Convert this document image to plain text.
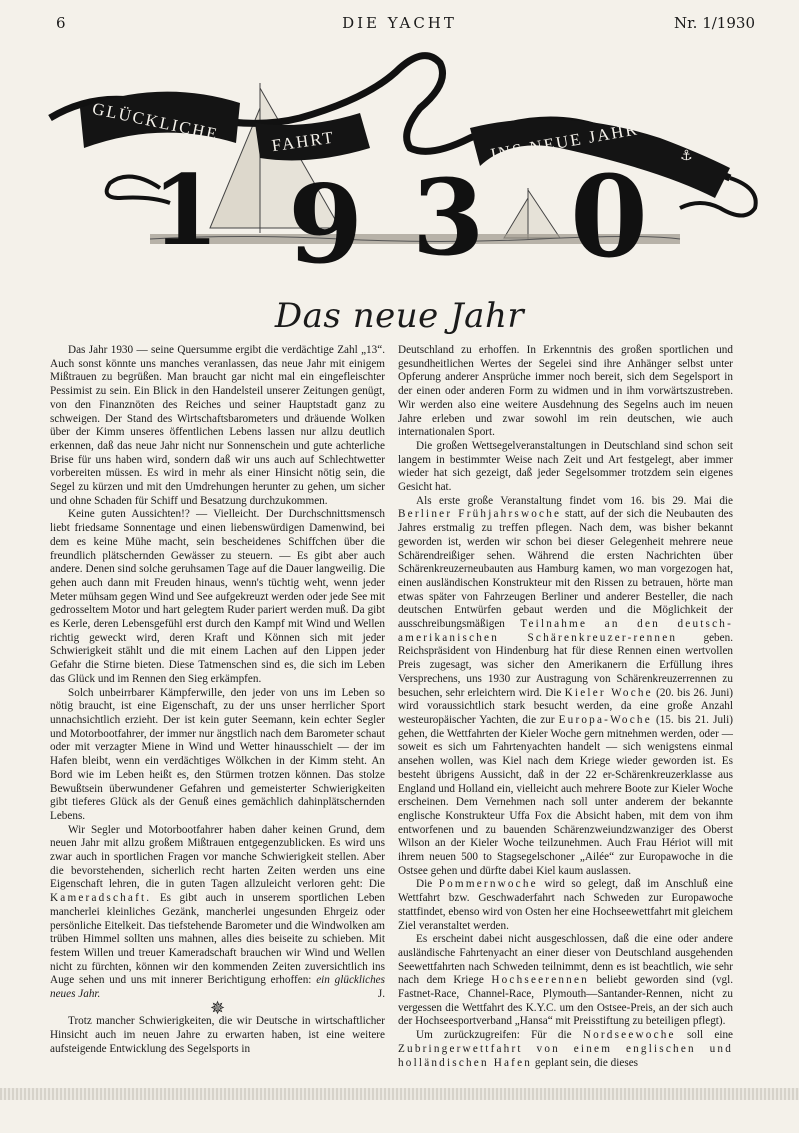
6	DIE YACHT	Nr. 1/1930
⚓
GLÜCKLICHE	FAHRT	INS NEUE JAHR
1 9 3 0
Das neue Jahr

Das Jahr 1930 — seine Quersumme ergibt die verdächtige Zahl „13“. Auch sonst könnte uns manches veranlassen, das neue Jahr mit einigem Mißtrauen zu begrüßen. Man braucht gar nicht mal ein eingefleischter Pessimist zu sein. Ein Blick in den Handelsteil unserer Zeitungen genügt, von den Finanznöten des Reiches und seiner Hauptstadt ganz zu schweigen. Der Stand des Wirtschaftsbarometers und dräuende Wolken über der Kimm unseres öffentlichen Lebens lassen nur allzu deutlich erkennen, daß das neue Jahr nicht nur Sonnenschein und gute achterliche Brise für uns haben wird, sondern daß wir uns auch auf Schlechtwetter vorbereiten müssen. Es wird in mehr als einer Hinsicht nötig sein, die Segel zu kürzen und mit den Umdrehungen herunter zu gehen, um sicher und ohne Schaden für Schiff und Besatzung durchzukommen.

Keine guten Aussichten!? — Vielleicht. Der Durchschnittsmensch liebt friedsame Sonnentage und einen liebenswürdigen Damenwind, bei dem es keine Mühe macht, sein bescheidenes Schiffchen über die freundlich plätschernden Gewässer zu steuern. — Es gibt aber auch andere. Denen sind solche geruhsamen Tage auf die Dauer langweilig. Die gehen auch dann mit Freuden hinaus, wenn's tüchtig weht, wenn jeder Meter mühsam gegen Wind und See aufgekreuzt werden oder jede See mit gedrosseltem Motor und hart gelegtem Ruder pariert werden muß. Da gibt es Kerle, deren Lebensgefühl erst durch den Kampf mit Wind und Wellen richtig geweckt wird, deren Kraft und Können sich mit jeder Schwierigkeit stählt und die mit einem Lachen auf den Lippen jeder Gefahr die Stirne bieten. Diese Tatmenschen sind es, die sich im Leben das Glück und im Rennen den Sieg erkämpfen.

Solch unbeirrbarer Kämpferwille, den jeder von uns im Leben so nötig braucht, ist eine Eigenschaft, zu der uns unser herrlicher Sport unnachsichtlich erzieht. Der ist kein guter Seemann, kein echter Segler und Motorbootfahrer, der immer nur ängstlich nach dem Barometer schaut oder mit verzagter Miene in Wind und Wetter hinausschielt — der im Hafen bleibt, wenn ein verdächtiges Wölkchen in der Kimm steht. An Bord wie im Leben heißt es, den Stürmen trotzen können. Das stolze Bewußtsein überwundener Gefahren und gemeisterter Schwierigkeiten gibt tieferes Glück als der Genuß eines gemächlich dahinplätschernden Lebens.

Wir Segler und Motorbootfahrer haben daher keinen Grund, dem neuen Jahr mit allzu großem Mißtrauen entgegenzublicken. Es wird uns zwar auch in sportlichen Fragen vor manche Schwierigkeit stellen. Aber die bevorstehenden, sicherlich recht harten Zeiten werden uns eine Eigenschaft lehren, die in guten Tagen allzuleicht verloren geht: Die Kameradschaft. Es gibt auch in unserem sportlichen Leben mancherlei kleinliches Gezänk, mancherlei ungesunden Ehrgeiz oder persönliche Eitelkeit. Das tiefstehende Barometer und die Windwolken am trüben Himmel sollten uns mahnen, alles dies beiseite zu schieben. Mit festem Willen und treuer Kameradschaft brauchen wir Wind und Wellen nicht zu fürchten, können wir den kommenden Zeiten zuversichtlich ins Auge sehen und uns mit innerer Berichtigung erhoffen: ein glückliches neues Jahr.	J.

✵

Trotz mancher Schwierigkeiten, die wir Deutsche in wirtschaftlicher Hinsicht auch im neuen Jahre zu erwarten haben, ist eine weitere aufsteigende Entwicklung des Segelsports in

Deutschland zu erhoffen. In Erkenntnis des großen sportlichen und gesundheitlichen Wertes der Segelei sind ihre Anhänger selbst unter Opferung anderer Ansprüche immer noch bereit, sich dem Segelsport in der einen oder anderen Form zu widmen und in ihm vorwärtszustreben. Wir werden also eine weitere Ausdehnung des Segelns auch im neuen Jahre erleben und zwar sowohl im rein deutschen, wie auch internationalen Sport.

Die großen Wettsegelveranstaltungen in Deutschland sind schon seit langem in bestimmter Weise nach Zeit und Art festgelegt, aber immer wieder hat sich gezeigt, daß jeder Segelsommer trotzdem sein eigenes Gesicht hat.

Als erste große Veranstaltung findet vom 16. bis 29. Mai die Berliner Frühjahrswoche statt, auf der sich die Neubauten des Jahres erstmalig zu treffen pflegen. Nach dem, was bisher bekannt geworden ist, werden wir schon bei dieser Gelegenheit mehrere neue Schärendreißiger sehen. Während die ersten Nachrichten über Schärenkreuzerneubauten aus Hamburg kamen, wo man vorgezogen hat, einen ausländischen Konstrukteur mit den Rissen zu betrauen, hörte man etwas später von Fahrzeugen Berliner und anderer Besteller, die nach deutschen Entwürfen gebaut werden und die Möglichkeit der ausschreibungsmäßigen Teilnahme an den deutsch-amerikanischen Schärenkreuzer-rennen geben. Reichspräsident von Hindenburg hat für diese Rennen einen wertvollen Preis zugesagt, was sicher den Amerikanern die Erfüllung ihres Versprechens, uns 1930 zur Austragung von Schärenkreuzerrennen zu besuchen, sehr erleichtern wird. Die Kieler Woche (20. bis 26. Juni) wird voraussichtlich stark besucht werden, da eine große Anzahl westeuropäischer Yachten, die zur Europa-Woche (15. bis 21. Juli) gehen, die Wettfahrten der Kieler Woche gern mitnehmen werden, oder — soweit es sich um Fahrtenyachten handelt — sich wenigstens einmal ansehen wollen, was Kiel nach dem Kriege wieder geworden ist. Es besteht übrigens Aussicht, daß in der 22 er-Schärenkreuzerklasse aus England und Holland ein, vielleicht auch mehrere Boote zur Kieler Woche erscheinen. Dem Vernehmen nach soll unter anderem der bekannte englische Konstrukteur Uffa Fox die Absicht haben, mit dem von ihm entworfenen und zu bauenden Schärenzweiundzwanziger des Oberst Wilson an der Kieler Woche teilzunehmen. Auch Frau Hériot will mit ihrem neuen 500 to Stagsegelschoner „Ailée“ zur Europawoche in die Ostsee gehen und dürfte dabei Kiel kaum auslassen.

Die Pommernwoche wird so gelegt, daß im Anschluß eine Wettfahrt bzw. Geschwaderfahrt nach Schweden zur Europawoche stattfindet, ebenso wird von Osten her eine Hochseewettfahrt mit gleichem Ziel veranstaltet werden.

Es erscheint dabei nicht ausgeschlossen, daß die eine oder andere ausländische Fahrtenyacht an einer dieser von Deutschland ausgehenden Seewettfahrten nach Schweden teilnimmt, denn es ist beachtlich, wie sehr nach dem Kriege Hochseerennen beliebt geworden sind (vgl. Fastnet-Race, Channel-Race, Plymouth—Santander-Rennen, nicht zu vergessen die Wettfahrt des K.Y.C. um den Ostsee-Preis, an der sich auch der Hochseesportverband „Hansa“ mit Preisstiftung zu beteiligen pflegt).

Um zurückzugreifen: Für die Nordseewoche soll eine Zubringerwettfahrt von einem englischen und holländischen Hafen geplant sein, die dieses
